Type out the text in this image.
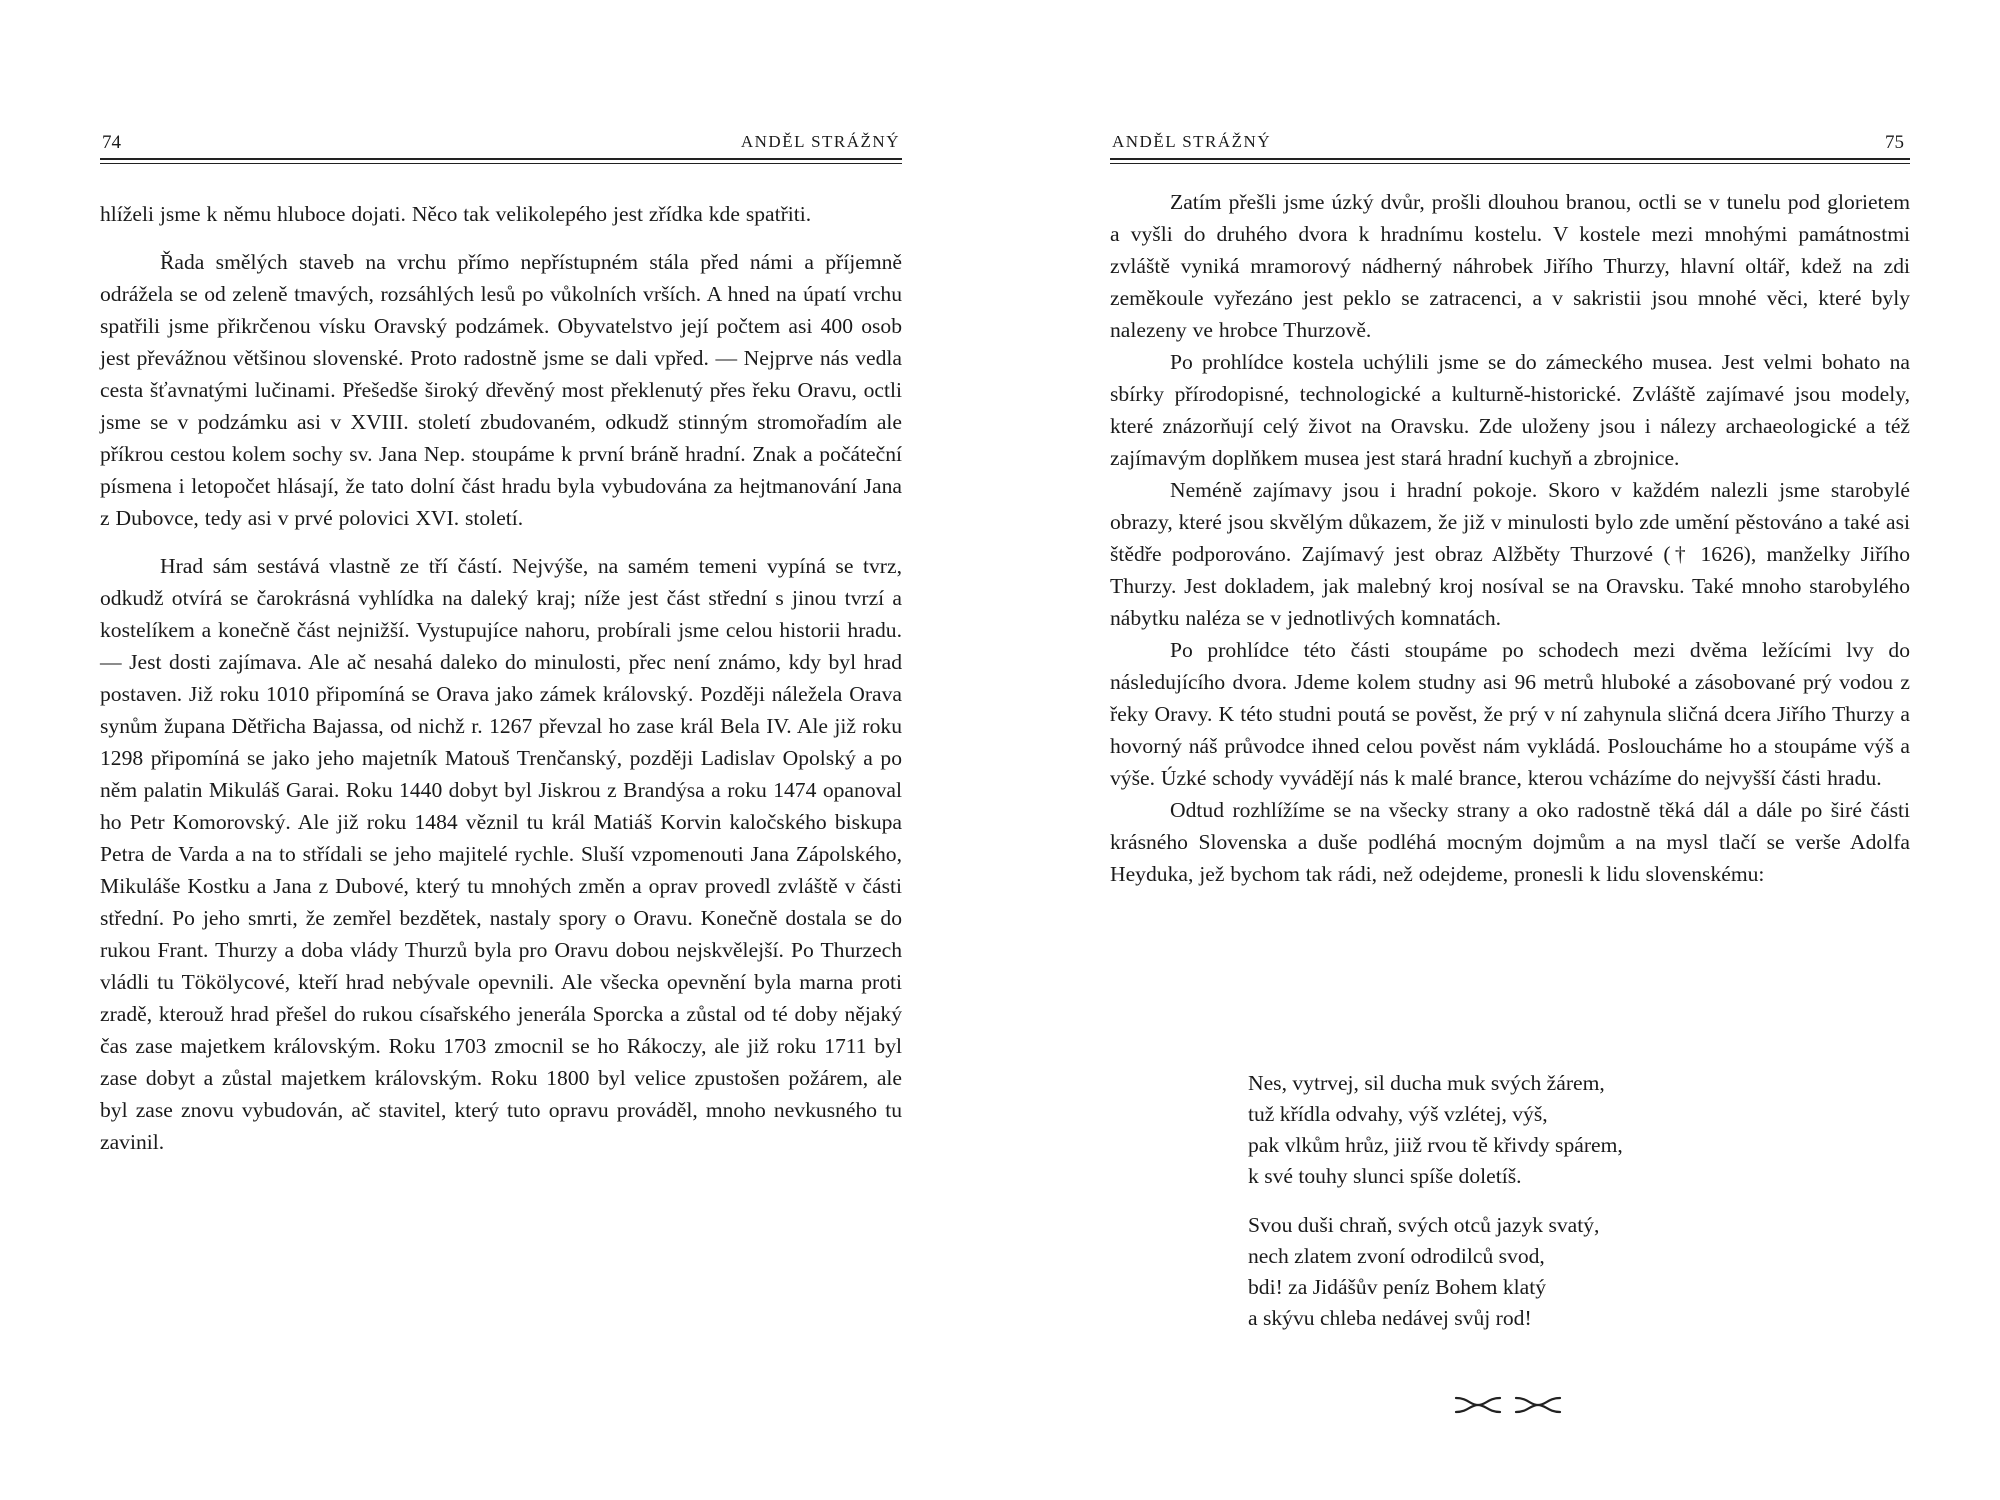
74	ANDĚL STRÁŽNÝ

hlíželi jsme k němu hluboce dojati. Něco tak velikolepého jest zřídka kde spatřiti.

Řada smělých staveb na vrchu přímo nepřístupném stála před námi a příjemně odrážela se od zeleně tmavých, rozsáhlých lesů po vůkolních vrších. A hned na úpatí vrchu spatřili jsme přikrčenou vísku Oravský podzámek. Obyvatelstvo její počtem asi 400 osob jest převážnou většinou slovenské. Proto radostně jsme se dali vpřed. — Nejprve nás vedla cesta šťavnatými lučinami. Přešedše široký dřevěný most překlenutý přes řeku Oravu, octli jsme se v podzámku asi v XVIII. století zbudovaném, odkudž stinným stromořadím ale příkrou cestou kolem sochy sv. Jana Nep. stoupáme k první bráně hradní. Znak a počáteční písmena i letopočet hlásají, že tato dolní část hradu byla vybudována za hejtmanování Jana z Dubovce, tedy asi v prvé polovici XVI. století.

Hrad sám sestává vlastně ze tří částí. Nejvýše, na samém temeni vypíná se tvrz, odkudž otvírá se čarokrásná vyhlídka na daleký kraj; níže jest část střední s jinou tvrzí a kostelíkem a konečně část nejnižší. Vystupujíce nahoru, probírali jsme celou historii hradu. — Jest dosti zajímava. Ale ač nesahá daleko do minulosti, přec není známo, kdy byl hrad postaven. Již roku 1010 připomíná se Orava jako zámek královský. Později náležela Orava synům župana Dětřicha Bajassa, od nichž r. 1267 převzal ho zase král Bela IV. Ale již roku 1298 připomíná se jako jeho majetník Matouš Trenčanský, později Ladislav Opolský a po něm palatin Mikuláš Garai. Roku 1440 dobyt byl Jiskrou z Brandýsa a roku 1474 opanoval ho Petr Komorovský. Ale již roku 1484 věznil tu král Matiáš Korvin kaločského biskupa Petra de Varda a na to střídali se jeho majitelé rychle. Sluší vzpomenouti Jana Zápolského, Mikuláše Kostku a Jana z Dubové, který tu mnohých změn a oprav provedl zvláště v části střední. Po jeho smrti, že zemřel bezdětek, nastaly spory o Oravu. Konečně dostala se do rukou Frant. Thurzy a doba vlády Thurzů byla pro Oravu dobou nejskvělejší. Po Thurzech vládli tu Tökölycové, kteří hrad nebývale opevnili. Ale všecka opevnění byla marna proti zradě, kterouž hrad přešel do rukou císařského jenerála Sporcka a zůstal od té doby nějaký čas zase majetkem královským. Roku 1703 zmocnil se ho Rákoczy, ale již roku 1711 byl zase dobyt a zůstal majetkem královským. Roku 1800 byl velice zpustošen požárem, ale byl zase znovu vybudován, ač stavitel, který tuto opravu prováděl, mnoho nevkusného tu zavinil.

ANDĚL STRÁŽNÝ	75

Zatím přešli jsme úzký dvůr, prošli dlouhou branou, octli se v tunelu pod glorietem a vyšli do druhého dvora k hradnímu kostelu. V kostele mezi mnohými památnostmi zvláště vyniká mramorový nádherný náhrobek Jiřího Thurzy, hlavní oltář, kdež na zdi zeměkoule vyřezáno jest peklo se zatracenci, a v sakristii jsou mnohé věci, které byly nalezeny ve hrobce Thurzově.

Po prohlídce kostela uchýlili jsme se do zámeckého musea. Jest velmi bohato na sbírky přírodopisné, technologické a kulturně-historické. Zvláště zajímavé jsou modely, které znázorňují celý život na Oravsku. Zde uloženy jsou i nálezy archaeologické a též zajímavým doplňkem musea jest stará hradní kuchyň a zbrojnice.

Neméně zajímavy jsou i hradní pokoje. Skoro v každém nalezli jsme starobylé obrazy, které jsou skvělým důkazem, že již v minulosti bylo zde umění pěstováno a také asi štědře podporováno. Zajímavý jest obraz Alžběty Thurzové († 1626), manželky Jiřího Thurzy. Jest dokladem, jak malebný kroj nosíval se na Oravsku. Také mnoho starobylého nábytku naléza se v jednotlivých komnatách.

Po prohlídce této části stoupáme po schodech mezi dvěma ležícími lvy do následujícího dvora. Jdeme kolem studny asi 96 metrů hluboké a zásobované prý vodou z řeky Oravy. K této studni poutá se pověst, že prý v ní zahynula sličná dcera Jiřího Thurzy a hovorný náš průvodce ihned celou pověst nám vykládá. Posloucháme ho a stoupáme výš a výše. Úzké schody vyvádějí nás k malé brance, kterou vcházíme do nejvyšší části hradu.

Odtud rozhlížíme se na všecky strany a oko radostně těká dál a dále po širé části krásného Slovenska a duše podléhá mocným dojmům a na mysl tlačí se verše Adolfa Heyduka, jež bychom tak rádi, než odejdeme, pronesli k lidu slovenskému:

Nes, vytrvej, sil ducha muk svých žárem,
tuž křídla odvahy, výš vzlétej, výš,
pak vlkům hrůz, jiiž rvou tě křivdy spárem,
k své touhy slunci spíše doletíš.

Svou duši chraň, svých otců jazyk svatý,
nech zlatem zvoní odrodilců svod,
bdi! za Jidášův peníz Bohem klatý
a skývu chleba nedávej svůj rod!
